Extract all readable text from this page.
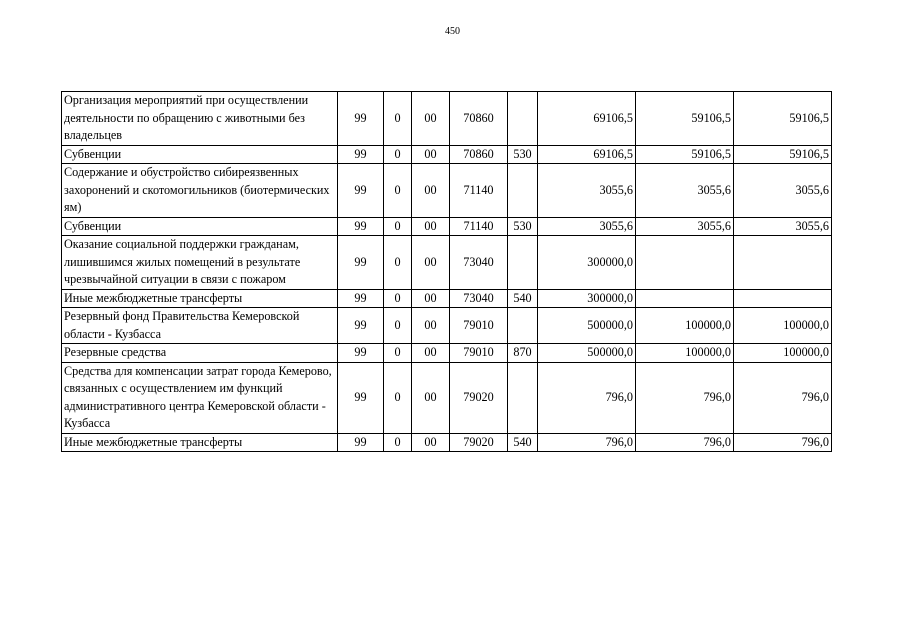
450
Организация мероприятий при осуществлении деятельности по обращению с животными без владельцев	99	0	00	70860		69106,5	59106,5	59106,5
Субвенции	99	0	00	70860	530	69106,5	59106,5	59106,5
Содержание и обустройство сибиреязвенных захоронений и скотомогильников (биотермических ям)	99	0	00	71140		3055,6	3055,6	3055,6
Субвенции	99	0	00	71140	530	3055,6	3055,6	3055,6
Оказание социальной поддержки гражданам, лишившимся жилых помещений в результате чрезвычайной ситуации в связи с пожаром	99	0	00	73040		300000,0		
Иные межбюджетные трансферты	99	0	00	73040	540	300000,0		
Резервный фонд Правительства Кемеровской области - Кузбасса	99	0	00	79010		500000,0	100000,0	100000,0
Резервные средства	99	0	00	79010	870	500000,0	100000,0	100000,0
Средства для компенсации затрат города Кемерово, связанных с осуществлением им функций административного центра Кемеровской области - Кузбасса	99	0	00	79020		796,0	796,0	796,0
Иные межбюджетные трансферты	99	0	00	79020	540	796,0	796,0	796,0
